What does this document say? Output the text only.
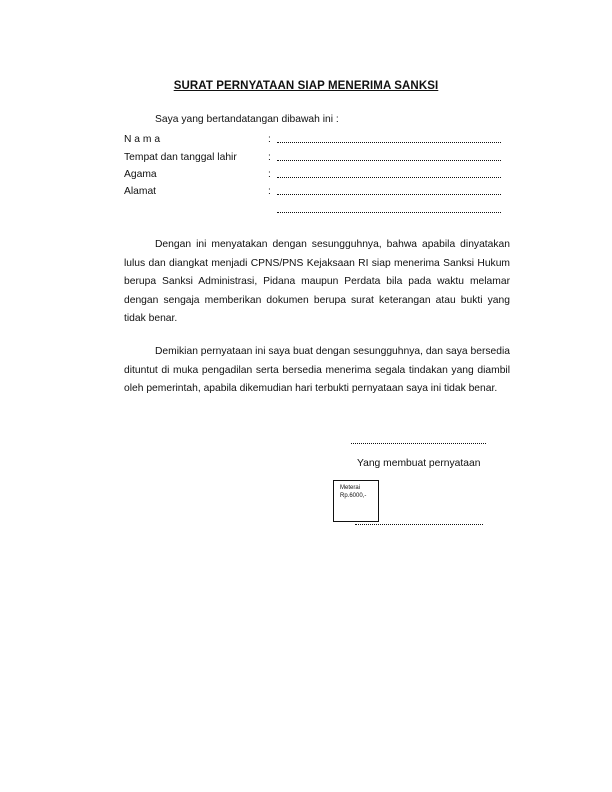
SURAT PERNYATAAN SIAP MENERIMA SANKSI
Saya yang bertandatangan dibawah ini :
N a m a	:
Tempat dan tanggal lahir	:
Agama	:
Alamat	:

Dengan ini menyatakan dengan sesungguhnya, bahwa apabila dinyatakan lulus dan diangkat menjadi CPNS/PNS Kejaksaan RI siap menerima Sanksi Hukum berupa Sanksi Administrasi, Pidana maupun Perdata bila pada waktu melamar dengan sengaja memberikan dokumen berupa surat keterangan atau bukti yang tidak benar.

Demikian pernyataan ini saya buat dengan sesungguhnya, dan saya bersedia dituntut di muka pengadilan serta bersedia menerima segala tindakan yang diambil oleh pemerintah, apabila dikemudian hari terbukti pernyataan saya ini tidak benar.

Yang membuat pernyataan
Meterai
Rp.6000,-
